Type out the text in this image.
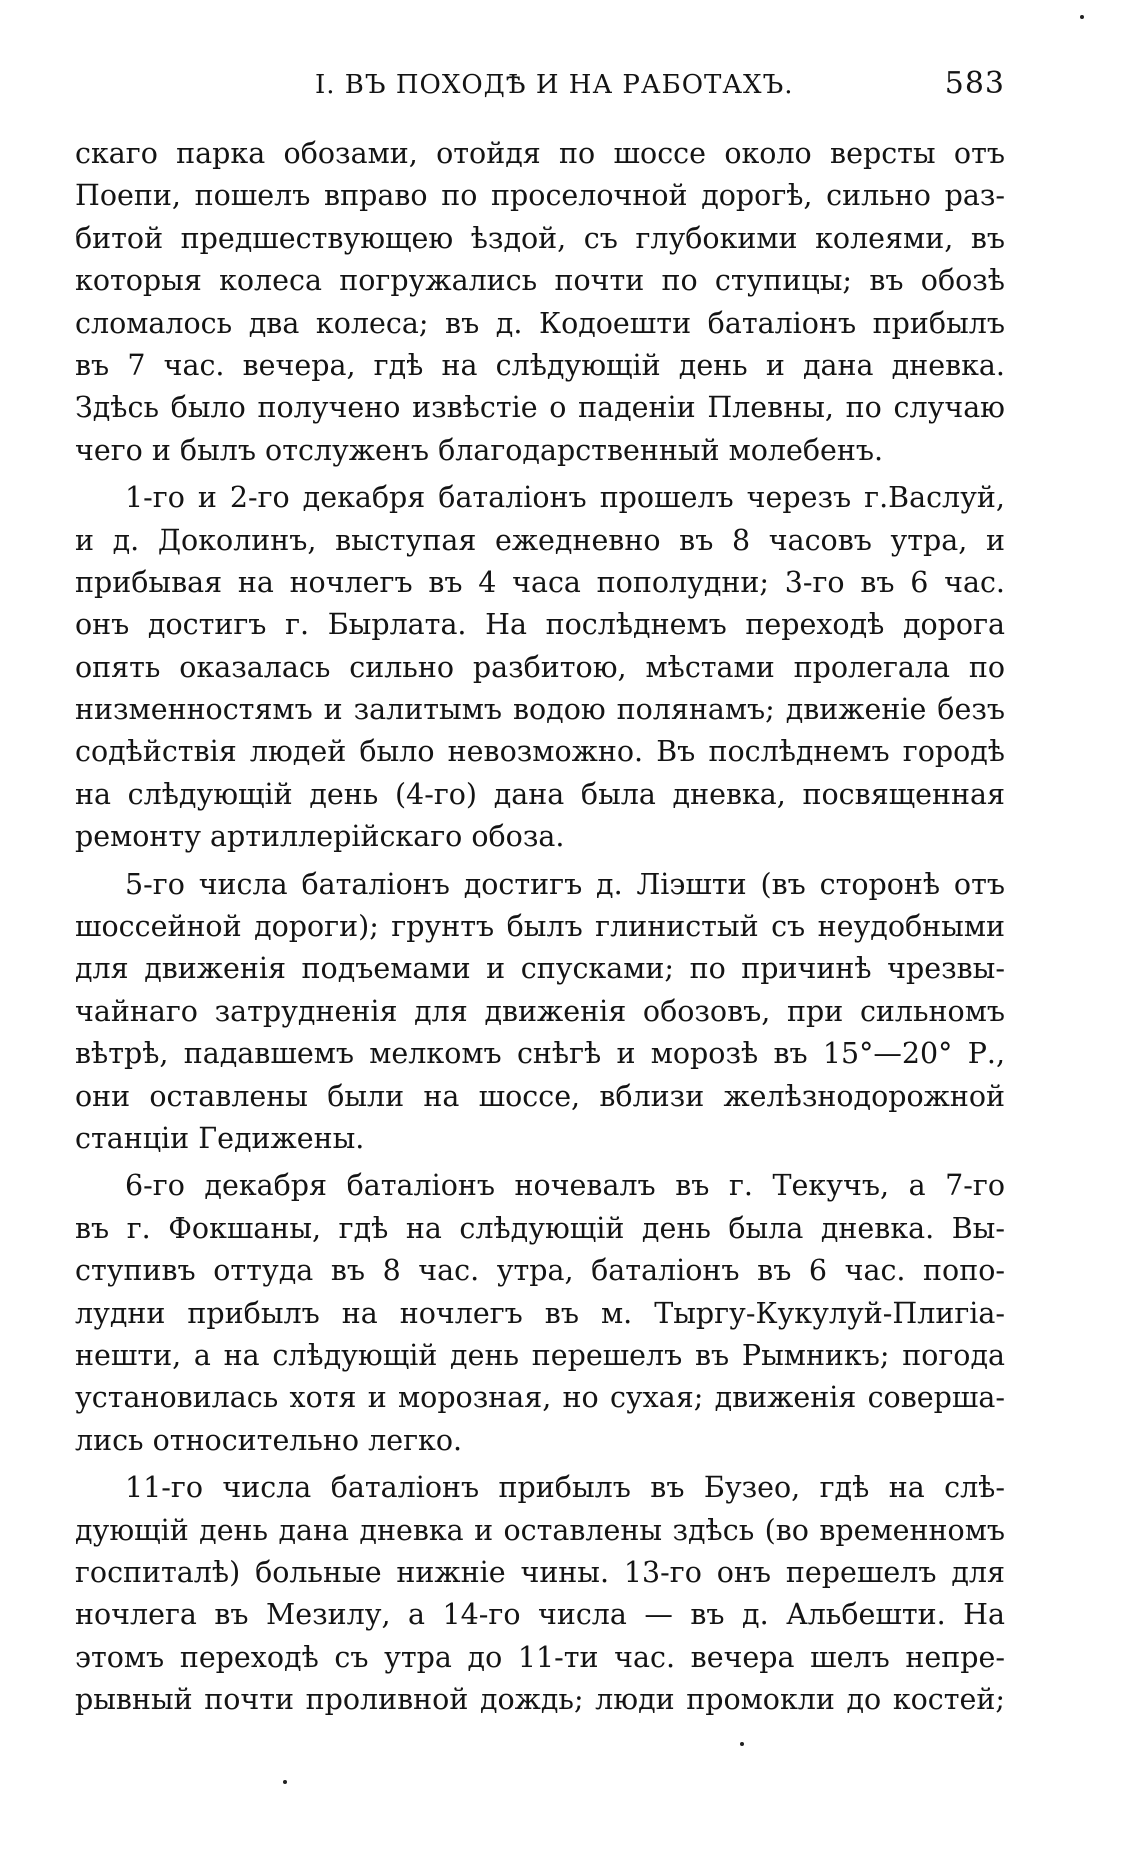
I. ВЪ ПОХОДѢ И НА РАБОТАХЪ.	583
скаго парка обозами, отойдя по шоссе около версты отъ
Поепи, пошелъ вправо по проселочной дорогѣ, сильно раз-
битой предшествующею ѣздой, съ глубокими колеями, въ
которыя колеса погружались почти по ступицы; въ обозѣ
сломалось два колеса; въ д. Кодоешти баталіонъ прибылъ
въ 7 час. вечера, гдѣ на слѣдующій день и дана дневка.
Здѣсь было получено извѣстіе о паденіи Плевны, по случаю
чего и былъ отслуженъ благодарственный молебенъ.
1-го и 2-го декабря баталіонъ прошелъ черезъ г.Васлуй,
и д. Доколинъ, выступая ежедневно въ 8 часовъ утра, и
прибывая на ночлегъ въ 4 часа пополудни; 3-го въ 6 час.
онъ достигъ г. Бырлата. На послѣднемъ переходѣ дорога
опять оказалась сильно разбитою, мѣстами пролегала по
низменностямъ и залитымъ водою полянамъ; движеніе безъ
содѣйствія людей было невозможно. Въ послѣднемъ городѣ
на слѣдующій день (4-го) дана была дневка, посвященная
ремонту артиллерійскаго обоза.
5-го числа баталіонъ достигъ д. Ліэшти (въ сторонѣ отъ
шоссейной дороги); грунтъ былъ глинистый съ неудобными
для движенія подъемами и спусками; по причинѣ чрезвы-
чайнаго затрудненія для движенія обозовъ, при сильномъ
вѣтрѣ, падавшемъ мелкомъ снѣгѣ и морозѣ въ 15°—20° Р.,
они оставлены были на шоссе, вблизи желѣзнодорожной
станціи Гедижены.
6-го декабря баталіонъ ночевалъ въ г. Текучъ, а 7-го
въ г. Фокшаны, гдѣ на слѣдующій день была дневка. Вы-
ступивъ оттуда въ 8 час. утра, баталіонъ въ 6 час. попо-
лудни прибылъ на ночлегъ въ м. Тыргу-Кукулуй-Плигіа-
нешти, а на слѣдующій день перешелъ въ Рымникъ; погода
установилась хотя и морозная, но сухая; движенія соверша-
лись относительно легко.
11-го числа баталіонъ прибылъ въ Бузео, гдѣ на слѣ-
дующій день дана дневка и оставлены здѣсь (во временномъ
госпиталѣ) больные нижніе чины. 13-го онъ перешелъ для
ночлега въ Мезилу, а 14-го числа — въ д. Альбешти. На
этомъ переходѣ съ утра до 11-ти час. вечера шелъ непре-
рывный почти проливной дождь; люди промокли до костей;
